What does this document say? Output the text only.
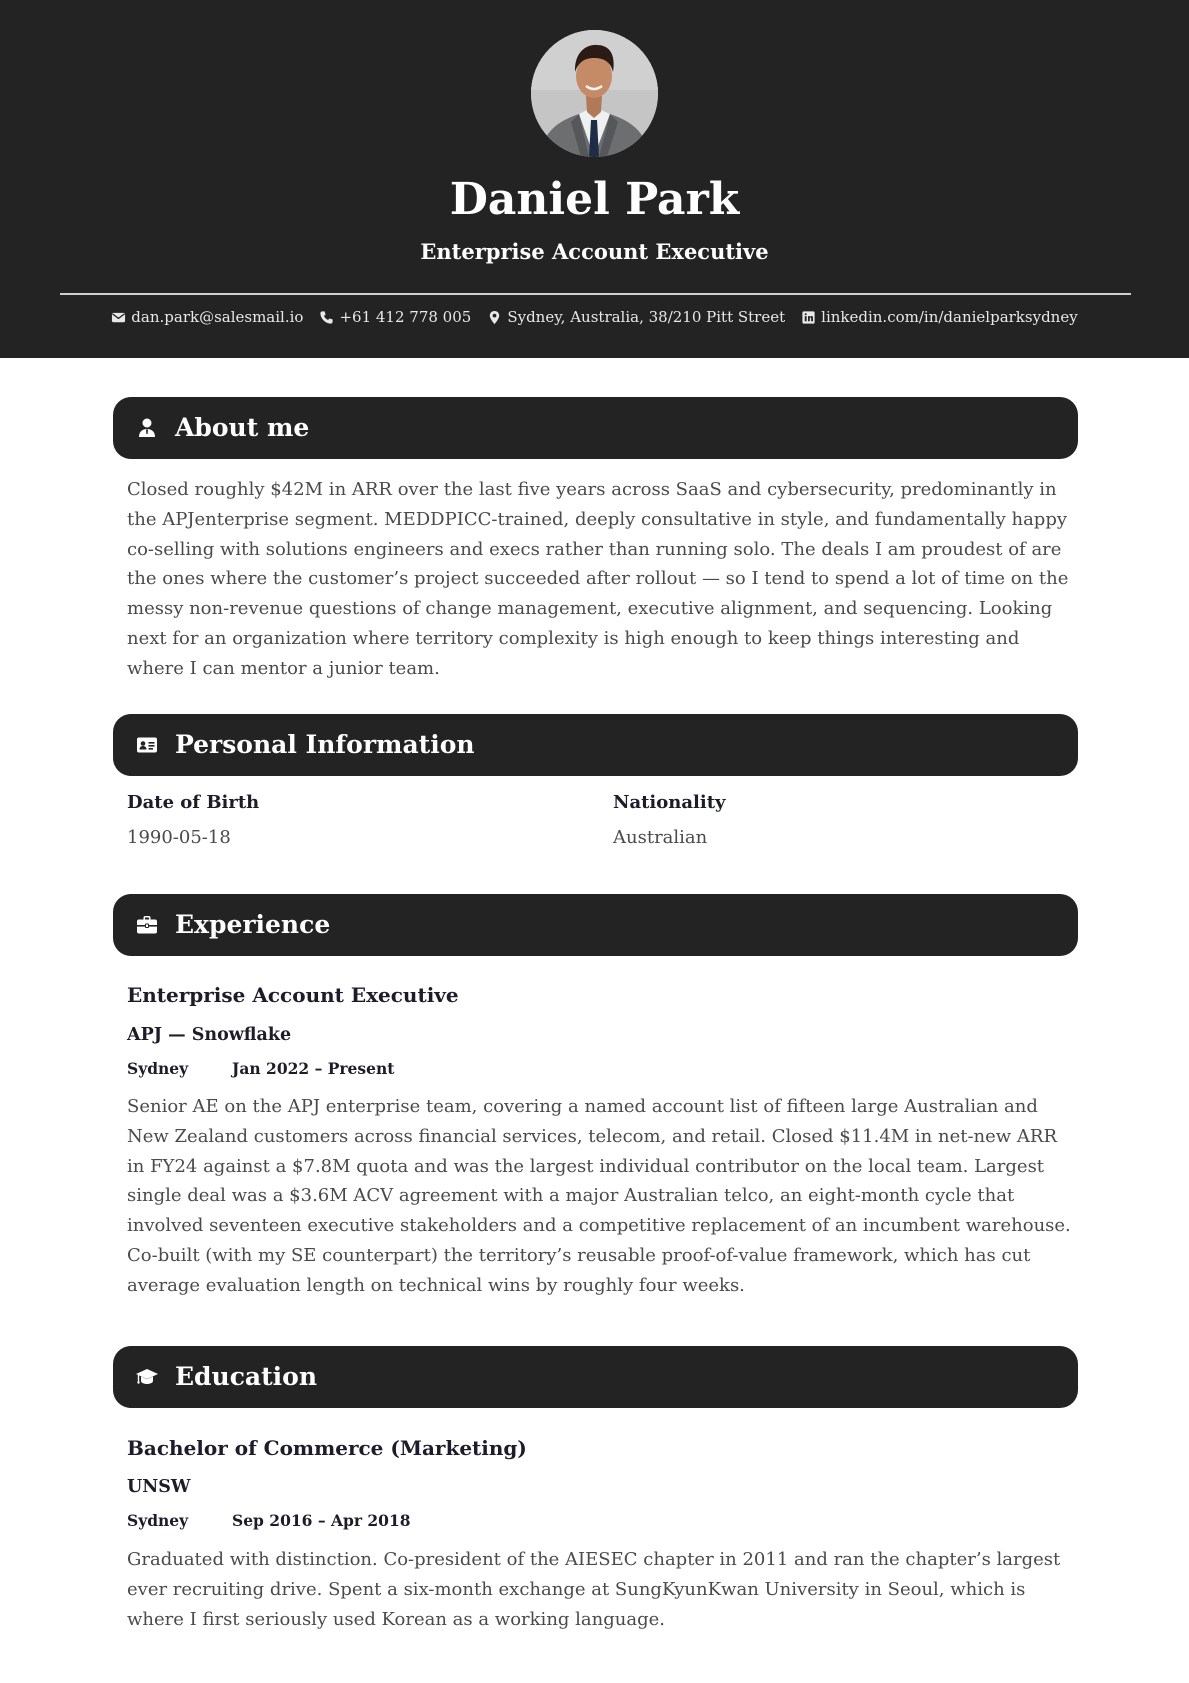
Daniel Park
Enterprise Account Executive
dan.park@salesmail.io +61 412 778 005 Sydney, Australia, 38/210 Pitt Street linkedin.com/in/danielparksydney
About me

Closed roughly $42M in ARR over the last five years across SaaS and cybersecurity, predominantly in the APJenterprise segment. MEDDPICC-trained, deeply consultative in style, and fundamentally happy co-selling with solutions engineers and execs rather than running solo. The deals I am proudest of are the ones where the customer’s project succeeded after rollout — so I tend to spend a lot of time on the messy non-revenue questions of change management, executive alignment, and sequencing. Looking next for an organization where territory complexity is high enough to keep things interesting and where I can mentor a junior team.

Personal Information
Date of Birth
1990-05-18
Nationality
Australian
Experience
Enterprise Account Executive
APJ — Snowflake
Sydney	Jan 2022 – Present

Senior AE on the APJ enterprise team, covering a named account list of fifteen large Australian and New Zealand customers across financial services, telecom, and retail. Closed $11.4M in net-new ARR in FY24 against a $7.8M quota and was the largest individual contributor on the local team. Largest single deal was a $3.6M ACV agreement with a major Australian telco, an eight-month cycle that involved seventeen executive stakeholders and a competitive replacement of an incumbent warehouse. Co-built (with my SE counterpart) the territory’s reusable proof-of-value framework, which has cut average evaluation length on technical wins by roughly four weeks.

Education
Bachelor of Commerce (Marketing)
UNSW
Sydney	Sep 2016 – Apr 2018

Graduated with distinction. Co-president of the AIESEC chapter in 2011 and ran the chapter’s largest ever recruiting drive. Spent a six-month exchange at SungKyunKwan University in Seoul, which is where I first seriously used Korean as a working language.
